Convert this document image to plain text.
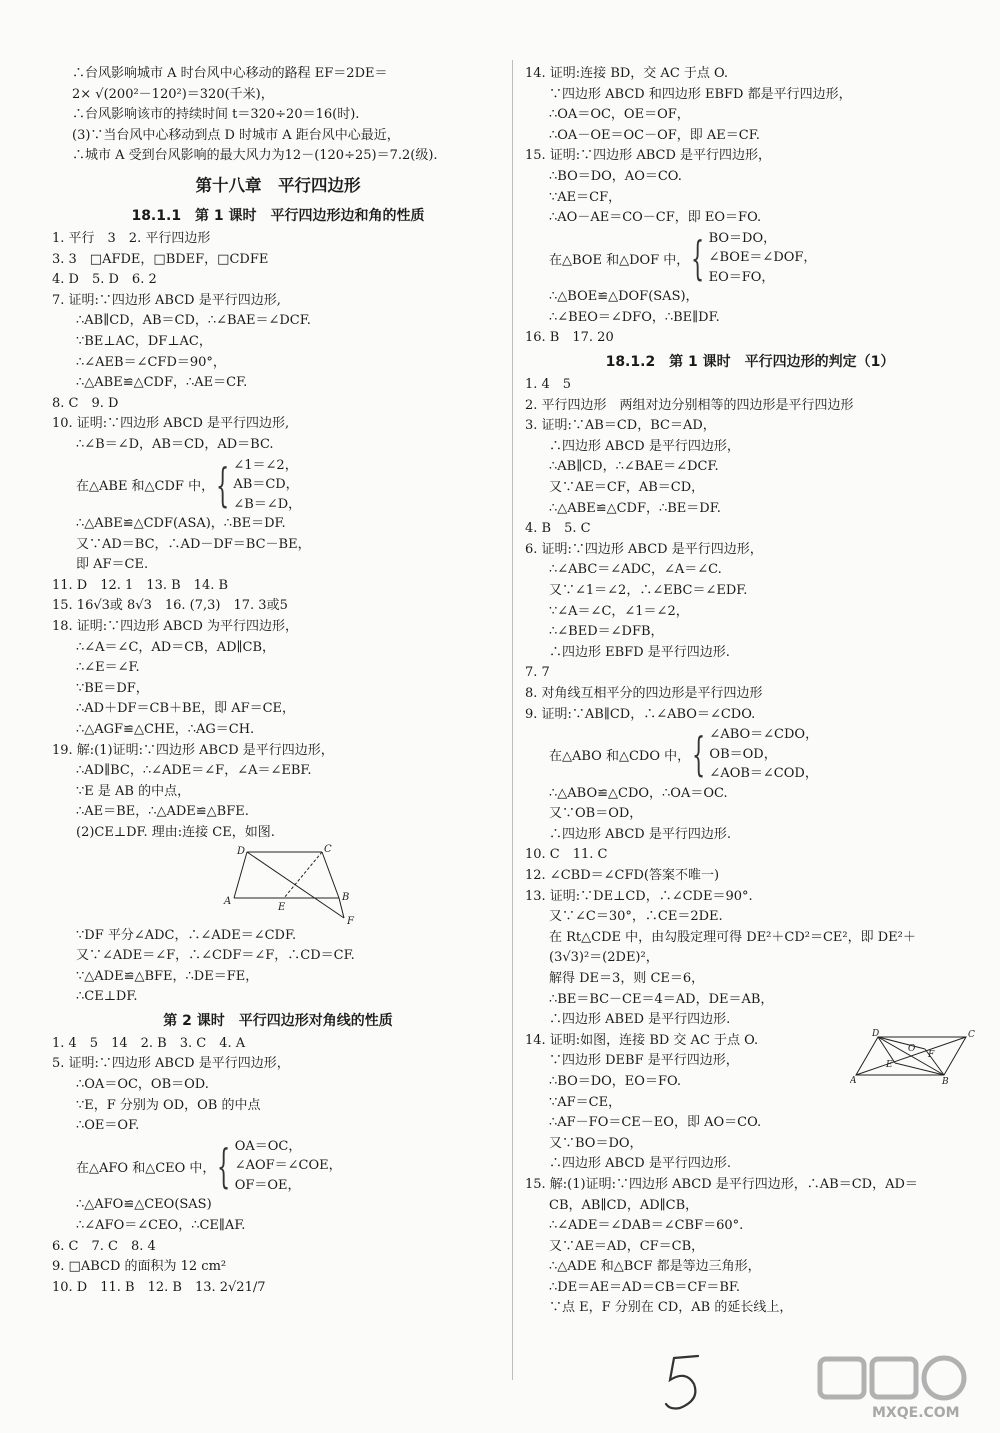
∴台风影响城市 A 时台风中心移动的路程 EF＝2DE＝
2× √(200²－120²)＝320(千米)，
∴台风影响该市的持续时间 t＝320÷20＝16(时).
(3)∵当台风中心移动到点 D 时城市 A 距台风中心最近，
∴城市 A 受到台风影响的最大风力为12－(120÷25)＝7.2(级).
第十八章　平行四边形
18.1.1　第 1 课时　平行四边形边和角的性质
1. 平行　3　2. 平行四边形
3. 3　□AFDE，□BDEF，□CDFE
4. D　5. D　6. 2
7. 证明:∵四边形 ABCD 是平行四边形,
∴AB∥CD，AB＝CD，∴∠BAE＝∠DCF.
∵BE⊥AC，DF⊥AC，
∴∠AEB＝∠CFD＝90°，
∴△ABE≌△CDF，∴AE＝CF.
8. C　9. D
10. 证明:∵四边形 ABCD 是平行四边形,
∴∠B＝∠D，AB＝CD，AD＝BC.
在△ABE 和△CDF 中， { ∠1＝∠2，
AB＝CD，
∠B＝∠D，
∴△ABE≌△CDF(ASA)，∴BE＝DF.
又∵AD＝BC，∴AD－DF＝BC－BE，
即 AF＝CE.
11. D　12. 1　13. B　14. B
15. 16√3或 8√3　16. (7,3)　17. 3或5
18. 证明:∵四边形 ABCD 为平行四边形，
∴∠A＝∠C，AD＝CB，AD∥CB，
∴∠E＝∠F.
∵BE＝DF，
∴AD＋DF＝CB＋BE，即 AF＝CE，
∴△AGF≌△CHE，∴AG＝CH.
19. 解:(1)证明:∵四边形 ABCD 是平行四边形，
∴AD∥BC，∴∠ADE＝∠F，∠A＝∠EBF.
∵E 是 AB 的中点，
∴AE＝BE，∴△ADE≌△BFE.
(2)CE⊥DF. 理由:连接 CE，如图.
D	C
A
E
B
F
∵DF 平分∠ADC，∴∠ADE＝∠CDF.
又∵∠ADE＝∠F，∴∠CDF＝∠F，∴CD＝CF.
∵△ADE≌△BFE，∴DE＝FE，
∴CE⊥DF.
第 2 课时　平行四边形对角线的性质
1. 4　5　14　2. B　3. C　4. A
5. 证明:∵四边形 ABCD 是平行四边形，
∴OA＝OC，OB＝OD.
∵E，F 分别为 OD，OB 的中点
∴OE＝OF.
在△AFO 和△CEO 中， { OA＝OC，
∠AOF＝∠COE，
OF＝OE，
∴△AFO≌△CEO(SAS)
∴∠AFO＝∠CEO，∴CE∥AF.
6. C　7. C　8. 4
9. □ABCD 的面积为 12 cm²
10. D　11. B　12. B　13. 2√21/7
14. 证明:连接 BD，交 AC 于点 O.
∵四边形 ABCD 和四边形 EBFD 都是平行四边形，
∴OA＝OC，OE＝OF，
∴OA－OE＝OC－OF，即 AE＝CF.
15. 证明:∵四边形 ABCD 是平行四边形，
∴BO＝DO，AO＝CO.
∵AE＝CF，
∴AO－AE＝CO－CF，即 EO＝FO.
在△BOE 和△DOF 中， { BO＝DO，
∠BOE＝∠DOF，
EO＝FO，
∴△BOE≌△DOF(SAS)，
∴∠BEO＝∠DFO，∴BE∥DF.
16. B　17. 20
18.1.2　第 1 课时　平行四边形的判定（1）
1. 4　5
2. 平行四边形　两组对边分别相等的四边形是平行四边形
3. 证明:∵AB＝CD，BC＝AD，
∴四边形 ABCD 是平行四边形，
∴AB∥CD，∴∠BAE＝∠DCF.
又∵AE＝CF，AB＝CD，
∴△ABE≌△CDF，∴BE＝DF.
4. B　5. C
6. 证明:∵四边形 ABCD 是平行四边形，
∴∠ABC＝∠ADC，∠A＝∠C.
又∵∠1＝∠2，∴∠EBC＝∠EDF.
∵∠A＝∠C，∠1＝∠2，
∴∠BED＝∠DFB，
∴四边形 EBFD 是平行四边形.
7. 7
8. 对角线互相平分的四边形是平行四边形
9. 证明:∵AB∥CD，∴∠ABO＝∠CDO.
在△ABO 和△CDO 中， { ∠ABO＝∠CDO，
OB＝OD，
∠AOB＝∠COD，
∴△ABO≌△CDO，∴OA＝OC.
又∵OB＝OD，
∴四边形 ABCD 是平行四边形.
10. C　11. C
12. ∠CBD＝∠CFD(答案不唯一)
13. 证明:∵DE⊥CD，∴∠CDE＝90°.
又∵∠C＝30°，∴CE＝2DE.
在 Rt△CDE 中，由勾股定理可得 DE²＋CD²＝CE²，即 DE²＋
(3√3)²＝(2DE)²，
解得 DE＝3，则 CE＝6，
∴BE＝BC－CE＝4＝AD，DE＝AB，
∴四边形 ABED 是平行四边形.
D	C
O
E
F
A	B
14. 证明:如图，连接 BD 交 AC 于点 O.
∵四边形 DEBF 是平行四边形，
∴BO＝DO，EO＝FO.
∵AF＝CE，
∴AF－FO＝CE－EO，即 AO＝CO.
又∵BO＝DO，
∴四边形 ABCD 是平行四边形.
15. 解:(1)证明:∵四边形 ABCD 是平行四边形，∴AB＝CD，AD＝
CB，AB∥CD，AD∥CB，
∴∠ADE＝∠DAB＝∠CBF＝60°.
又∵AE＝AD，CF＝CB，
∴△ADE 和△BCF 都是等边三角形，
∴DE＝AE＝AD＝CB＝CF＝BF.
∵点 E，F 分别在 CD，AB 的延长线上，
MXQE.COM
